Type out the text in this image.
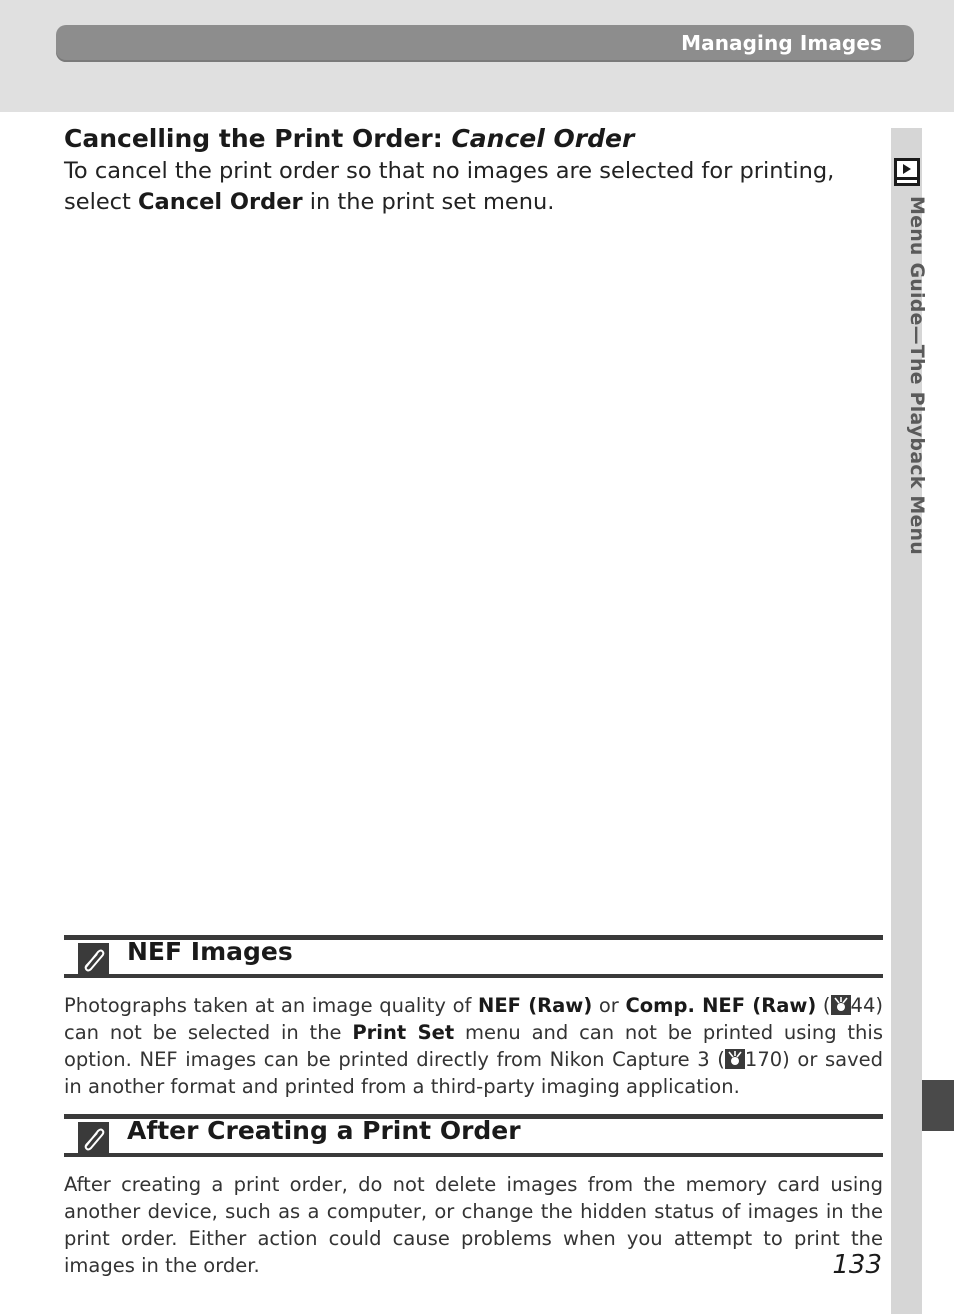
Managing Images
Menu Guide—The Playback Menu
Cancelling the Print Order: Cancel Order

To cancel the print order so that no images are selected for printing, select Cancel Order in the print set menu.

NEF Images

Photographs taken at an image quality of NEF (Raw) or Comp. NEF (Raw) ( 44) can not be selected in the Print Set menu and can not be printed using this option. NEF images can be printed directly from Nikon Capture 3 ( 170) or saved in another format and printed from a third-party imaging application.

After Creating a Print Order

After creating a print order, do not delete images from the memory card using another device, such as a computer, or change the hidden status of images in the print order. Either action could cause problems when you attempt to print the images in the order.	133
